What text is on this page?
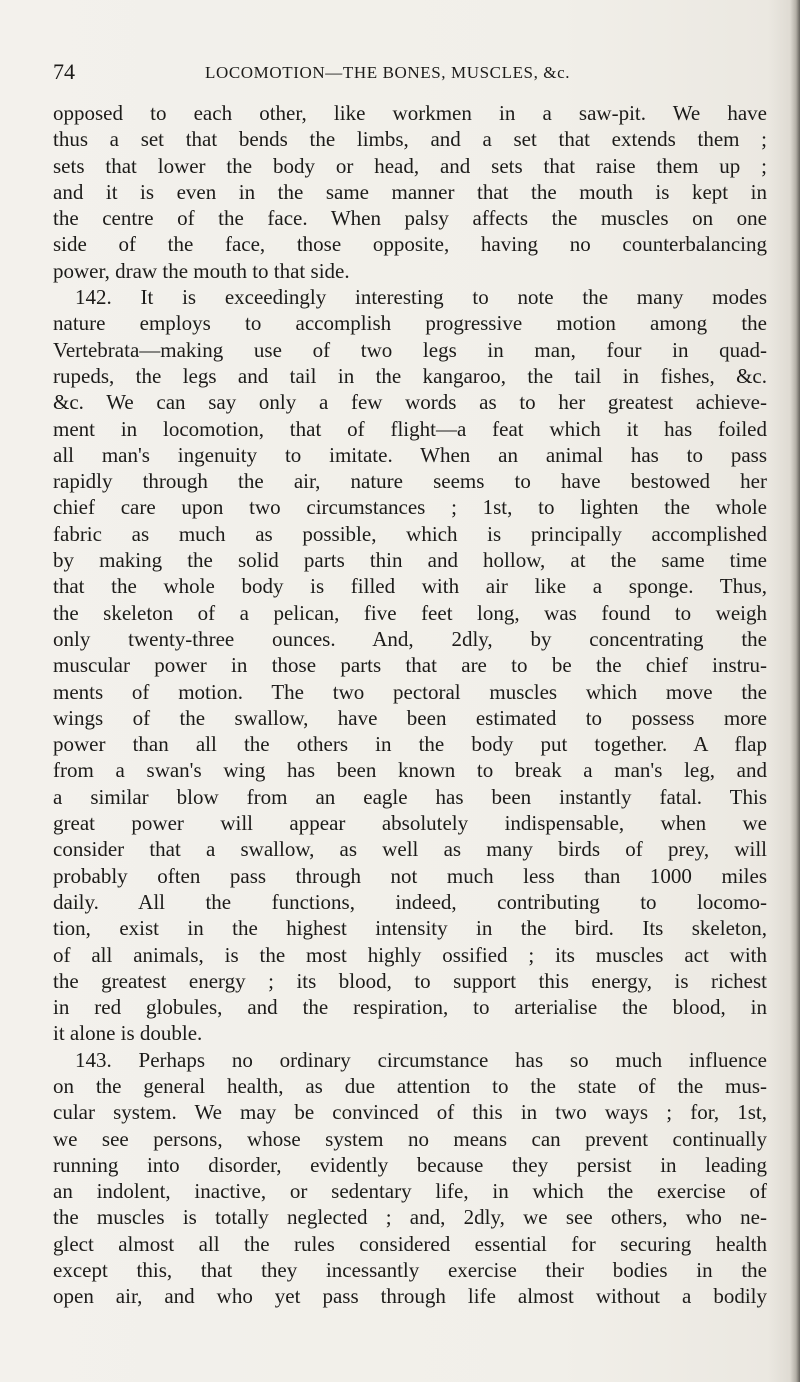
74	LOCOMOTION—THE BONES, MUSCLES, &c.
opposed to each other, like workmen in a saw-pit. We have
thus a set that bends the limbs, and a set that extends them ;
sets that lower the body or head, and sets that raise them up ;
and it is even in the same manner that the mouth is kept in
the centre of the face. When palsy affects the muscles on one
side of the face, those opposite, having no counterbalancing
power, draw the mouth to that side.
142. It is exceedingly interesting to note the many modes
nature employs to accomplish progressive motion among the
Vertebrata—making use of two legs in man, four in quad-
rupeds, the legs and tail in the kangaroo, the tail in fishes, &c.
&c. We can say only a few words as to her greatest achieve-
ment in locomotion, that of flight—a feat which it has foiled
all man's ingenuity to imitate. When an animal has to pass
rapidly through the air, nature seems to have bestowed her
chief care upon two circumstances ; 1st, to lighten the whole
fabric as much as possible, which is principally accomplished
by making the solid parts thin and hollow, at the same time
that the whole body is filled with air like a sponge. Thus,
the skeleton of a pelican, five feet long, was found to weigh
only twenty-three ounces. And, 2dly, by concentrating the
muscular power in those parts that are to be the chief instru-
ments of motion. The two pectoral muscles which move the
wings of the swallow, have been estimated to possess more
power than all the others in the body put together. A flap
from a swan's wing has been known to break a man's leg, and
a similar blow from an eagle has been instantly fatal. This
great power will appear absolutely indispensable, when we
consider that a swallow, as well as many birds of prey, will
probably often pass through not much less than 1000 miles
daily. All the functions, indeed, contributing to locomo-
tion, exist in the highest intensity in the bird. Its skeleton,
of all animals, is the most highly ossified ; its muscles act with
the greatest energy ; its blood, to support this energy, is richest
in red globules, and the respiration, to arterialise the blood, in
it alone is double.
143. Perhaps no ordinary circumstance has so much influence
on the general health, as due attention to the state of the mus-
cular system. We may be convinced of this in two ways ; for, 1st,
we see persons, whose system no means can prevent continually
running into disorder, evidently because they persist in leading
an indolent, inactive, or sedentary life, in which the exercise of
the muscles is totally neglected ; and, 2dly, we see others, who ne-
glect almost all the rules considered essential for securing health
except this, that they incessantly exercise their bodies in the
open air, and who yet pass through life almost without a bodily
